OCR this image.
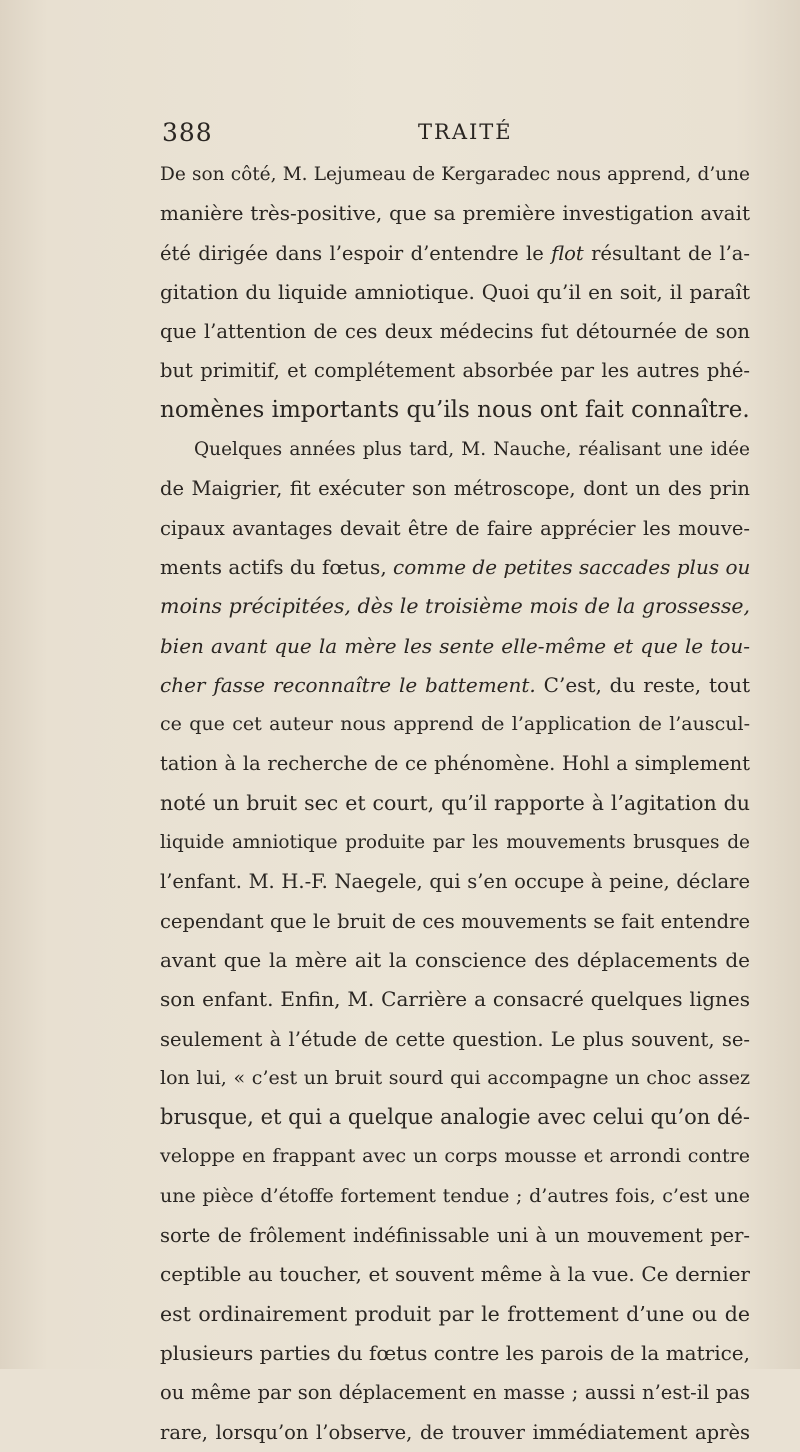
388	TRAITÉ
De son côté, M. Lejumeau de Kergaradec nous apprend, d’une
manière très-positive, que sa première investigation avait
été dirigée dans l’espoir d’entendre le flot résultant de l’a-
gitation du liquide amniotique. Quoi qu’il en soit, il paraît
que l’attention de ces deux médecins fut détournée de son
but primitif, et complétement absorbée par les autres phé-
nomènes importants qu’ils nous ont fait connaître.
Quelques années plus tard, M. Nauche, réalisant une idée
de Maigrier, fit exécuter son métroscope, dont un des prin
cipaux avantages devait être de faire apprécier les mouve-
ments actifs du fœtus, comme de petites saccades plus ou
moins précipitées, dès le troisième mois de la grossesse,
bien avant que la mère les sente elle-même et que le tou-
cher fasse reconnaître le battement. C’est, du reste, tout
ce que cet auteur nous apprend de l’application de l’auscul-
tation à la recherche de ce phénomène. Hohl a simplement
noté un bruit sec et court, qu’il rapporte à l’agitation du
liquide amniotique produite par les mouvements brusques de
l’enfant. M. H.-F. Naegele, qui s’en occupe à peine, déclare
cependant que le bruit de ces mouvements se fait entendre
avant que la mère ait la conscience des déplacements de
son enfant. Enfin, M. Carrière a consacré quelques lignes
seulement à l’étude de cette question. Le plus souvent, se-
lon lui, « c’est un bruit sourd qui accompagne un choc assez
brusque, et qui a quelque analogie avec celui qu’on dé-
veloppe en frappant avec un corps mousse et arrondi contre
une pièce d’étoffe fortement tendue ; d’autres fois, c’est une
sorte de frôlement indéfinissable uni à un mouvement per-
ceptible au toucher, et souvent même à la vue. Ce dernier
est ordinairement produit par le frottement d’une ou de
plusieurs parties du fœtus contre les parois de la matrice,
ou même par son déplacement en masse ; aussi n’est-il pas
rare, lorsqu’on l’observe, de trouver immédiatement après
